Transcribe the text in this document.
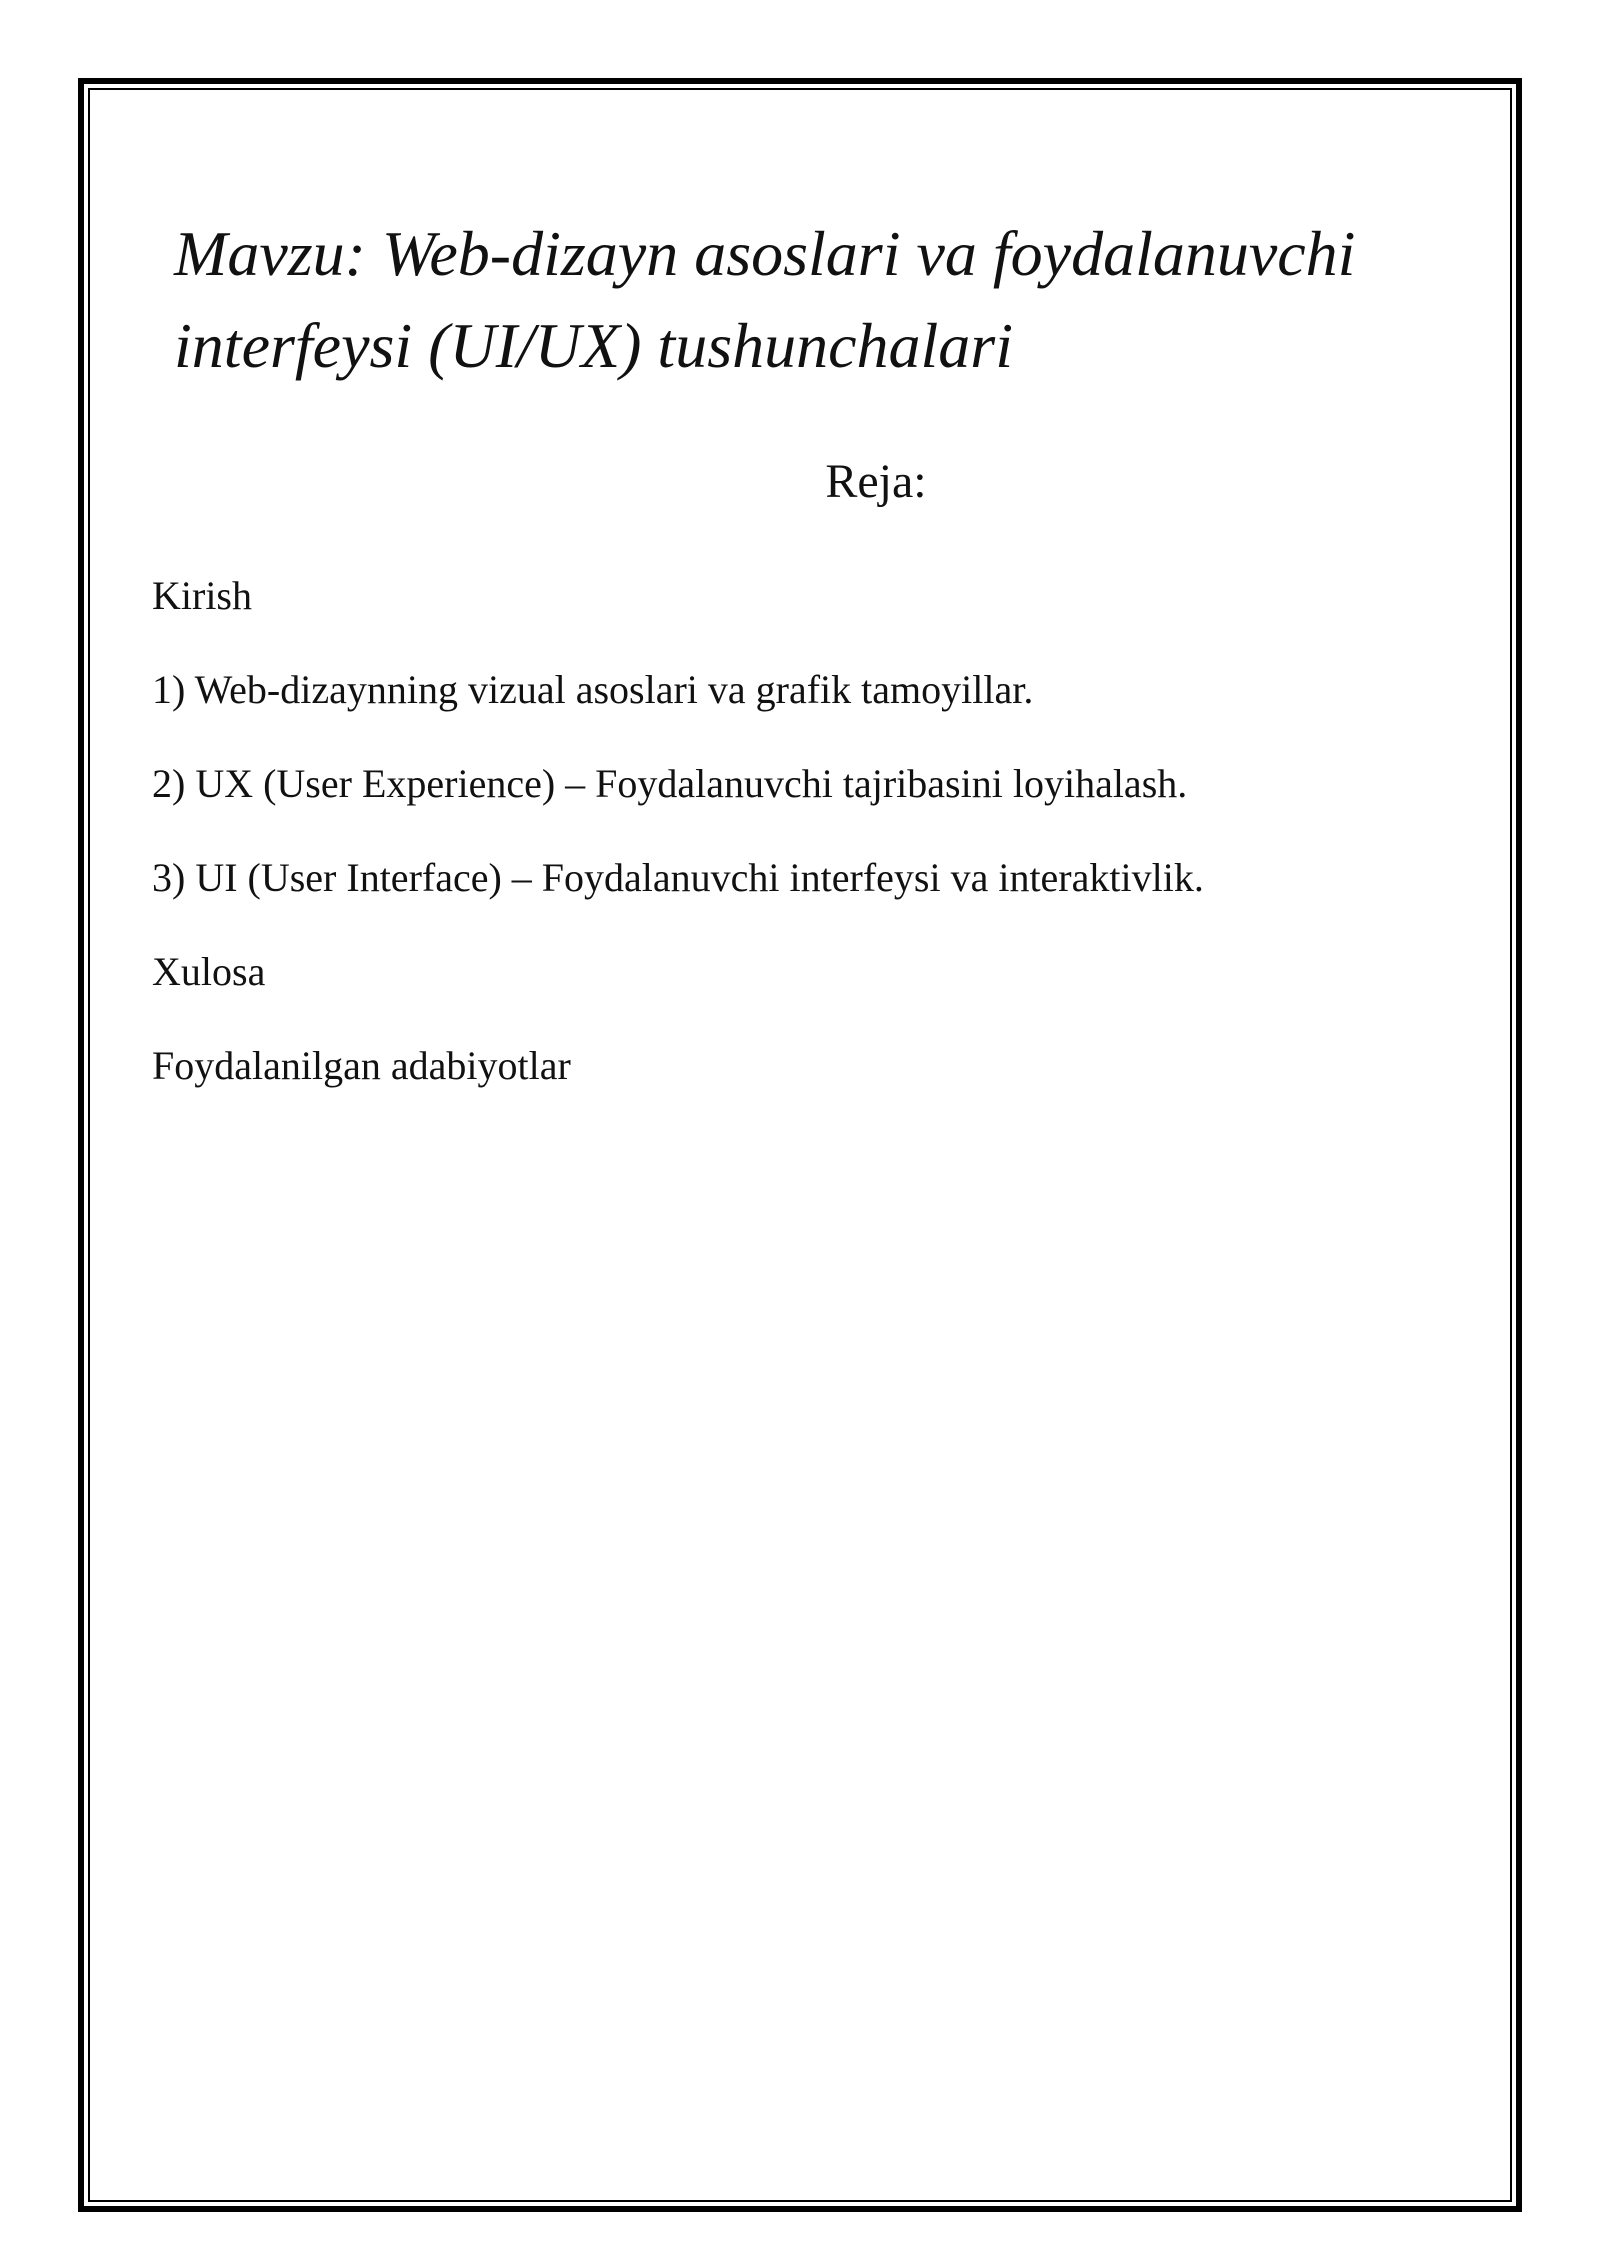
Mavzu: Web-dizayn asoslari va foydalanuvchi interfeysi (UI/UX) tushunchalari
Reja:
Kirish
1) Web-dizaynning vizual asoslari va grafik tamoyillar.
2) UX (User Experience) – Foydalanuvchi tajribasini loyihalash.
3) UI (User Interface) – Foydalanuvchi interfeysi va interaktivlik.
Xulosa
Foydalanilgan adabiyotlar
